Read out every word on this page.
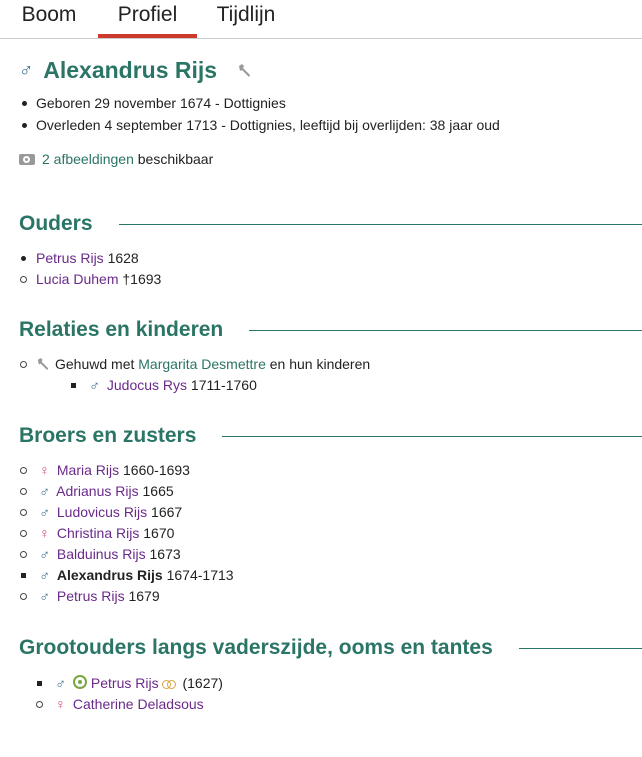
Boom	Profiel	Tijdlijn
♂ Alexandrus Rijs
Geboren 29 november 1674 - Dottignies
Overleden 4 september 1713 - Dottignies, leeftijd bij overlijden: 38 jaar oud
2 afbeeldingen beschikbaar
Ouders
Petrus Rijs 1628
Lucia Duhem †1693
Relaties en kinderen
Gehuwd met Margarita Desmettre en hun kinderen
♂ Judocus Rys 1711-1760
Broers en zusters
♀ Maria Rijs 1660-1693
♂ Adrianus Rijs 1665
♂ Ludovicus Rijs 1667
♀ Christina Rijs 1670
♂ Balduinus Rijs 1673
♂ Alexandrus Rijs 1674-1713
♂ Petrus Rijs 1679
Grootouders langs vaderszijde, ooms en tantes
♂ Petrus Rijs (1627)
♀ Catherine Deladsous
